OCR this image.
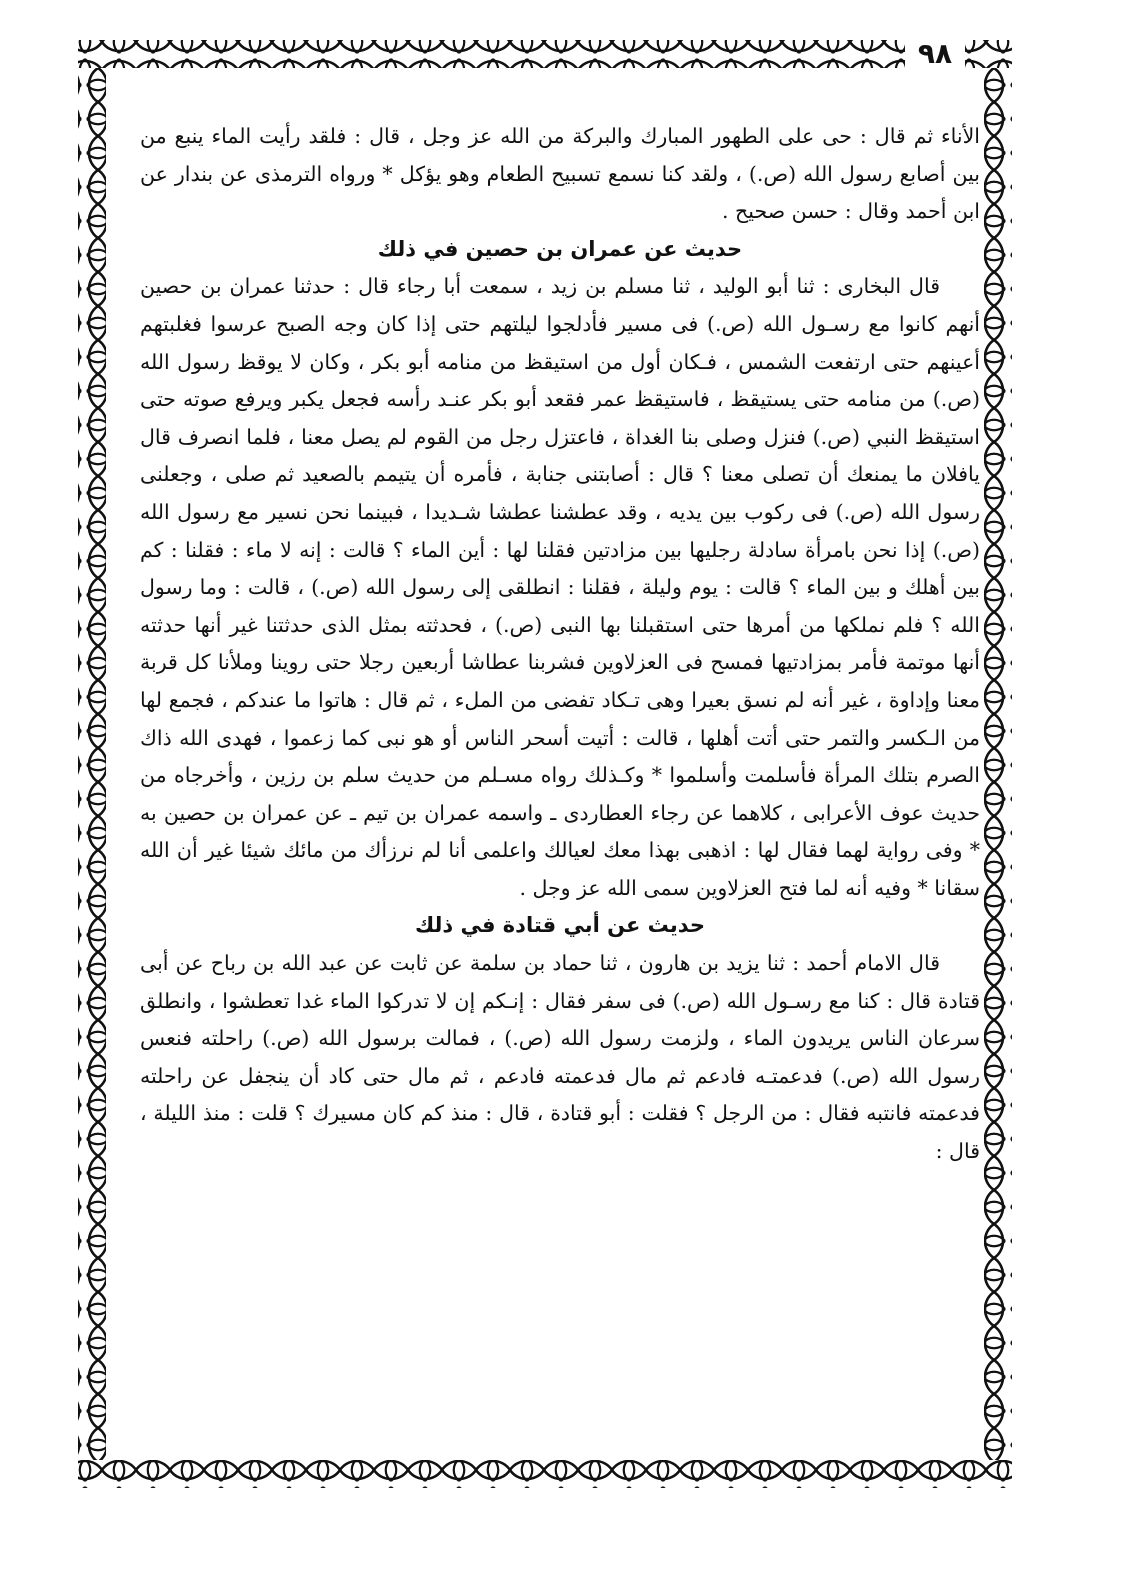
٩٨

الأناء ثم قال : حى على الطهور المبارك والبركة من الله عز وجل ، قال : فلقد رأيت الماء ينبع من بين أصابع رسول الله (ص.) ، ولقد كنا نسمع تسبيح الطعام وهو يؤكل * ورواه الترمذى عن بندار عن ابن أحمد وقال : حسن صحيح .

حديث عن عمران بن حصين في ذلك

قال البخارى : ثنا أبو الوليد ، ثنا مسلم بن زيد ، سمعت أبا رجاء قال : حدثنا عمران بن حصين أنهم كانوا مع رسـول الله (ص.) فى مسير فأدلجوا ليلتهم حتى إذا كان وجه الصبح عرسوا فغلبتهم أعينهم حتى ارتفعت الشمس ، فـكان أول من استيقظ من منامه أبو بكر ، وكان لا يوقظ رسول الله (ص.) من منامه حتى يستيقظ ، فاستيقظ عمر فقعد أبو بكر عنـد رأسه فجعل يكبر ويرفع صوته حتى استيقظ النبي (ص.) فنزل وصلى بنا الغداة ، فاعتزل رجل من القوم لم يصل معنا ، فلما انصرف قال يافلان ما يمنعك أن تصلى معنا ؟ قال : أصابتنى جنابة ، فأمره أن يتيمم بالصعيد ثم صلى ، وجعلنى رسول الله (ص.) فى ركوب بين يديه ، وقد عطشنا عطشا شـديدا ، فبينما نحن نسير مع رسول الله (ص.) إذا نحن بامرأة سادلة رجليها بين مزادتين فقلنا لها : أين الماء ؟ قالت : إنه لا ماء : فقلنا : كم بين أهلك و بين الماء ؟ قالت : يوم وليلة ، فقلنا : انطلقى إلى رسول الله (ص.) ، قالت : وما رسول الله ؟ فلم نملكها من أمرها حتى استقبلنا بها النبى (ص.) ، فحدثته بمثل الذى حدثتنا غير أنها حدثته أنها موتمة فأمر بمزادتيها فمسح فى العزلاوين فشربنا عطاشا أربعين رجلا حتى روينا وملأنا كل قربة معنا وإداوة ، غير أنه لم نسق بعيرا وهى تـكاد تفضى من الملء ، ثم قال : هاتوا ما عندكم ، فجمع لها من الـكسر والتمر حتى أتت أهلها ، قالت : أتيت أسحر الناس أو هو نبى كما زعموا ، فهدى الله ذاك الصرم بتلك المرأة فأسلمت وأسلموا * وكـذلك رواه مسـلم من حديث سلم بن رزين ، وأخرجاه من حديث عوف الأعرابى ، كلاهما عن رجاء العطاردى ـ واسمه عمران بن تيم ـ عن عمران بن حصين به * وفى رواية لهما فقال لها : اذهبى بهذا معك لعيالك واعلمى أنا لم نرزأك من مائك شيئا غير أن الله سقانا * وفيه أنه لما فتح العزلاوين سمى الله عز وجل .

حديث عن أبي قتادة في ذلك

قال الامام أحمد : ثنا يزيد بن هارون ، ثنا حماد بن سلمة عن ثابت عن عبد الله بن رباح عن أبى قتادة قال : كنا مع رسـول الله (ص.) فى سفر فقال : إنـكم إن لا تدركوا الماء غدا تعطشوا ، وانطلق سرعان الناس يريدون الماء ، ولزمت رسول الله (ص.) ، فمالت برسول الله (ص.) راحلته فنعس رسول الله (ص.) فدعمتـه فادعم ثم مال فدعمته فادعم ، ثم مال حتى كاد أن ينجفل عن راحلته فدعمته فانتبه فقال : من الرجل ؟ فقلت : أبو قتادة ، قال : منذ كم كان مسيرك ؟ قلت : منذ الليلة ، قال :
